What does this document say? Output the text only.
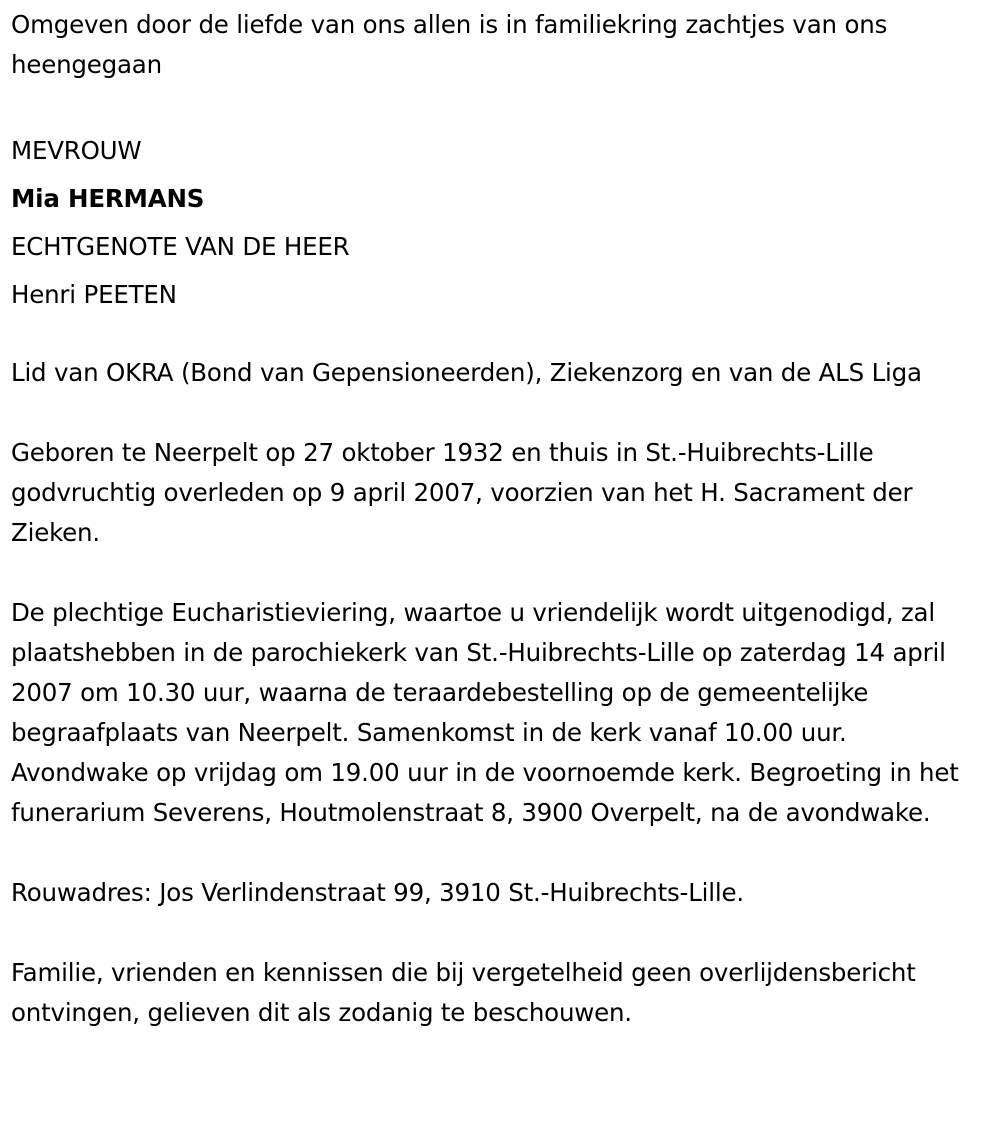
Omgeven door de liefde van ons allen is in familiekring zachtjes van ons heengegaan

MEVROUW

Mia HERMANS

ECHTGENOTE VAN DE HEER

Henri PEETEN

Lid van OKRA (Bond van Gepensioneerden), Ziekenzorg en van de ALS Liga

Geboren te Neerpelt op 27 oktober 1932 en thuis in St.-Huibrechts-Lille godvruchtig overleden op 9 april 2007, voorzien van het H. Sacrament der Zieken.

De plechtige Eucharistieviering, waartoe u vriendelijk wordt uitgenodigd, zal plaatshebben in de parochiekerk van St.-Huibrechts-Lille op zaterdag 14 april 2007 om 10.30 uur, waarna de teraardebestelling op de gemeentelijke begraafplaats van Neerpelt. Samenkomst in de kerk vanaf 10.00 uur. Avondwake op vrijdag om 19.00 uur in de voornoemde kerk. Begroeting in het funerarium Severens, Houtmolenstraat 8, 3900 Overpelt, na de avondwake.

Rouwadres: Jos Verlindenstraat 99, 3910 St.-Huibrechts-Lille.

Familie, vrienden en kennissen die bij vergetelheid geen overlijdensbericht ontvingen, gelieven dit als zodanig te beschouwen.
